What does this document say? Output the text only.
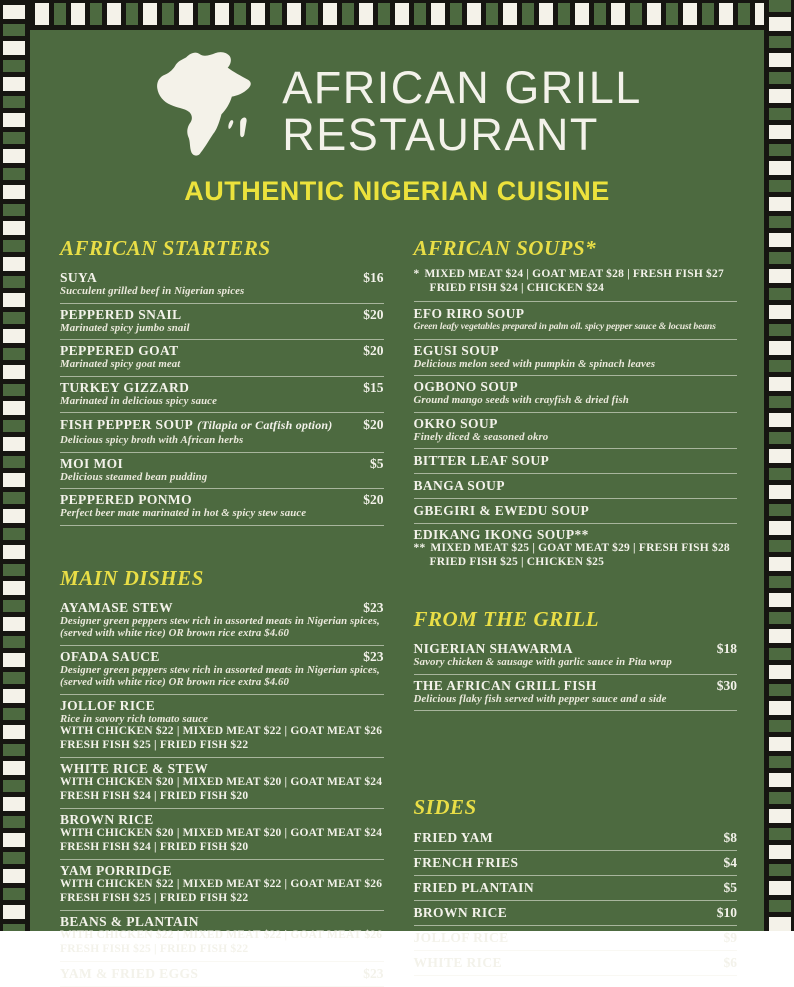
AFRICAN GRILL
RESTAURANT
AUTHENTIC NIGERIAN CUISINE
AFRICAN STARTERS
SUYA	$16
Succulent grilled beef in Nigerian spices
PEPPERED SNAIL	$20
Marinated spicy jumbo snail
PEPPERED GOAT	$20
Marinated spicy goat meat
TURKEY GIZZARD	$15
Marinated in delicious spicy sauce
FISH PEPPER SOUP (Tilapia or Catfish option) $20
Delicious spicy broth with African herbs
MOI MOI	$5
Delicious steamed bean pudding
PEPPERED PONMO	$20
Perfect beer mate marinated in hot & spicy stew sauce
MAIN DISHES
AYAMASE STEW	$23
Designer green peppers stew rich in assorted meats in Nigerian spices, (served with white rice) OR brown rice extra $4.60
OFADA SAUCE	$23
Designer green peppers stew rich in assorted meats in Nigerian spices, (served with white rice) OR brown rice extra $4.60
JOLLOF RICE
Rice in savory rich tomato sauce
WITH CHICKEN $22 | MIXED MEAT $22 | GOAT MEAT $26
FRESH FISH $25 | FRIED FISH $22
WHITE RICE & STEW
WITH CHICKEN $20 | MIXED MEAT $20 | GOAT MEAT $24
FRESH FISH $24 | FRIED FISH $20
BROWN RICE
WITH CHICKEN $20 | MIXED MEAT $20 | GOAT MEAT $24
FRESH FISH $24 | FRIED FISH $20
YAM PORRIDGE
WITH CHICKEN $22 | MIXED MEAT $22 | GOAT MEAT $26
FRESH FISH $25 | FRIED FISH $22
BEANS & PLANTAIN
WITH CHICKEN $22 | MIXED MEAT $22 | GOAT MEAT $26
FRESH FISH $25 | FRIED FISH $22
YAM & FRIED EGGS	$23
AFRICAN SOUPS*
* MIXED MEAT $24 | GOAT MEAT $28 | FRESH FISH $27
FRIED FISH $24 | CHICKEN $24
EFO RIRO SOUP
Green leafy vegetables prepared in palm oil. spicy pepper sauce & locust beans
EGUSI SOUP
Delicious melon seed with pumpkin & spinach leaves
OGBONO SOUP
Ground mango seeds with crayfish & dried fish
OKRO SOUP
Finely diced & seasoned okro
BITTER LEAF SOUP
BANGA SOUP
GBEGIRI & EWEDU SOUP
EDIKANG IKONG SOUP**
** MIXED MEAT $25 | GOAT MEAT $29 | FRESH FISH $28
FRIED FISH $25 | CHICKEN $25
FROM THE GRILL
NIGERIAN SHAWARMA	$18
Savory chicken & sausage with garlic sauce in Pita wrap
THE AFRICAN GRILL FISH	$30
Delicious flaky fish served with pepper sauce and a side
SIDES
FRIED YAM	$8
FRENCH FRIES	$4
FRIED PLANTAIN	$5
BROWN RICE	$10
JOLLOF RICE	$9
WHITE RICE	$6
